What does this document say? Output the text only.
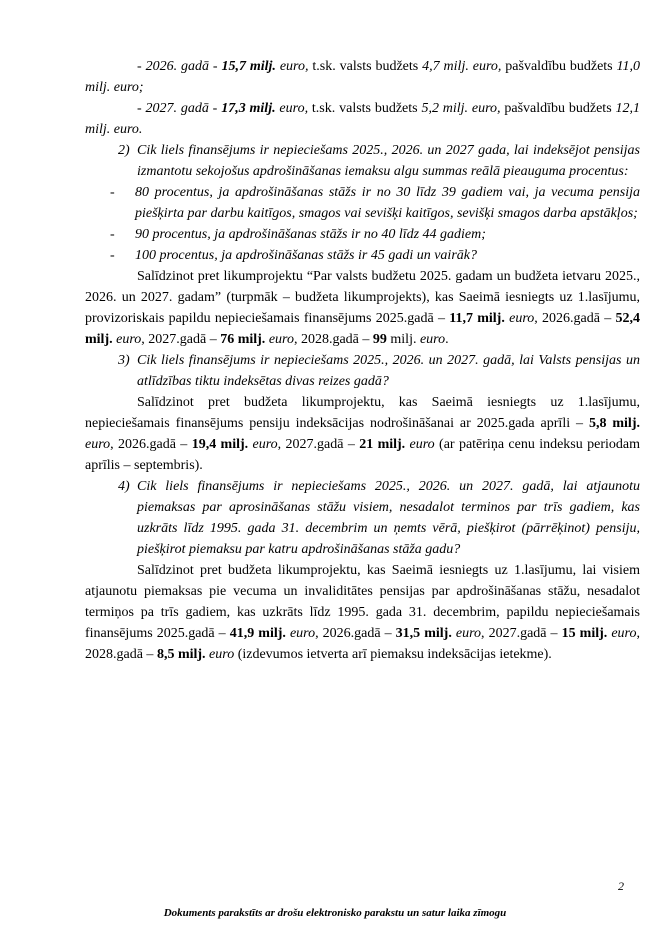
- 2026. gadā - 15,7 milj. euro, t.sk. valsts budžets 4,7 milj. euro, pašvaldību budžets 11,0 milj. euro;

- 2027. gadā - 17,3 milj. euro, t.sk. valsts budžets 5,2 milj. euro, pašvaldību budžets 12,1 milj. euro.

2) Cik liels finansējums ir nepieciešams 2025., 2026. un 2027 gada, lai indeksējot pensijas izmantotu sekojošus apdrošināšanas iemaksu algu summas reālā pieauguma procentus:

- 80 procentus, ja apdrošināšanas stāžs ir no 30 līdz 39 gadiem vai, ja vecuma pensija piešķirta par darbu kaitīgos, smagos vai sevišķi kaitīgos, sevišķi smagos darba apstākļos;

- 90 procentus, ja apdrošināšanas stāžs ir no 40 līdz 44 gadiem;

- 100 procentus, ja apdrošināšanas stāžs ir 45 gadi un vairāk?

Salīdzinot pret likumprojektu “Par valsts budžetu 2025. gadam un budžeta ietvaru 2025., 2026. un 2027. gadam” (turpmāk – budžeta likumprojekts), kas Saeimā iesniegts uz 1.lasījumu, provizoriskais papildu nepieciešamais finansējums 2025.gadā – 11,7 milj. euro, 2026.gadā – 52,4 milj. euro, 2027.gadā – 76 milj. euro, 2028.gadā – 99 milj. euro.

3) Cik liels finansējums ir nepieciešams 2025., 2026. un 2027. gadā, lai Valsts pensijas un atlīdzības tiktu indeksētas divas reizes gadā?

Salīdzinot pret budžeta likumprojektu, kas Saeimā iesniegts uz 1.lasījumu, nepieciešamais finansējums pensiju indeksācijas nodrošināšanai ar 2025.gada aprīli – 5,8 milj. euro, 2026.gadā – 19,4 milj. euro, 2027.gadā – 21 milj. euro (ar patēriņa cenu indeksu periodam aprīlis – septembris).

4) Cik liels finansējums ir nepieciešams 2025., 2026. un 2027. gadā, lai atjaunotu piemaksas par aprosināšanas stāžu visiem, nesadalot terminos par trīs gadiem, kas uzkrāts līdz 1995. gada 31. decembrim un ņemts vērā, piešķirot (pārrēķinot) pensiju, piešķirot piemaksu par katru apdrošināšanas stāža gadu?

Salīdzinot pret budžeta likumprojektu, kas Saeimā iesniegts uz 1.lasījumu, lai visiem atjaunotu piemaksas pie vecuma un invaliditātes pensijas par apdrošināšanas stāžu, nesadalot termiņos pa trīs gadiem, kas uzkrāts līdz 1995. gada 31. decembrim, papildu nepieciešamais finansējums 2025.gadā – 41,9 milj. euro, 2026.gadā – 31,5 milj. euro, 2027.gadā – 15 milj. euro, 2028.gadā – 8,5 milj. euro (izdevumos ietverta arī piemaksu indeksācijas ietekme).

2
Dokuments parakstīts ar drošu elektronisko parakstu un satur laika zīmogu
